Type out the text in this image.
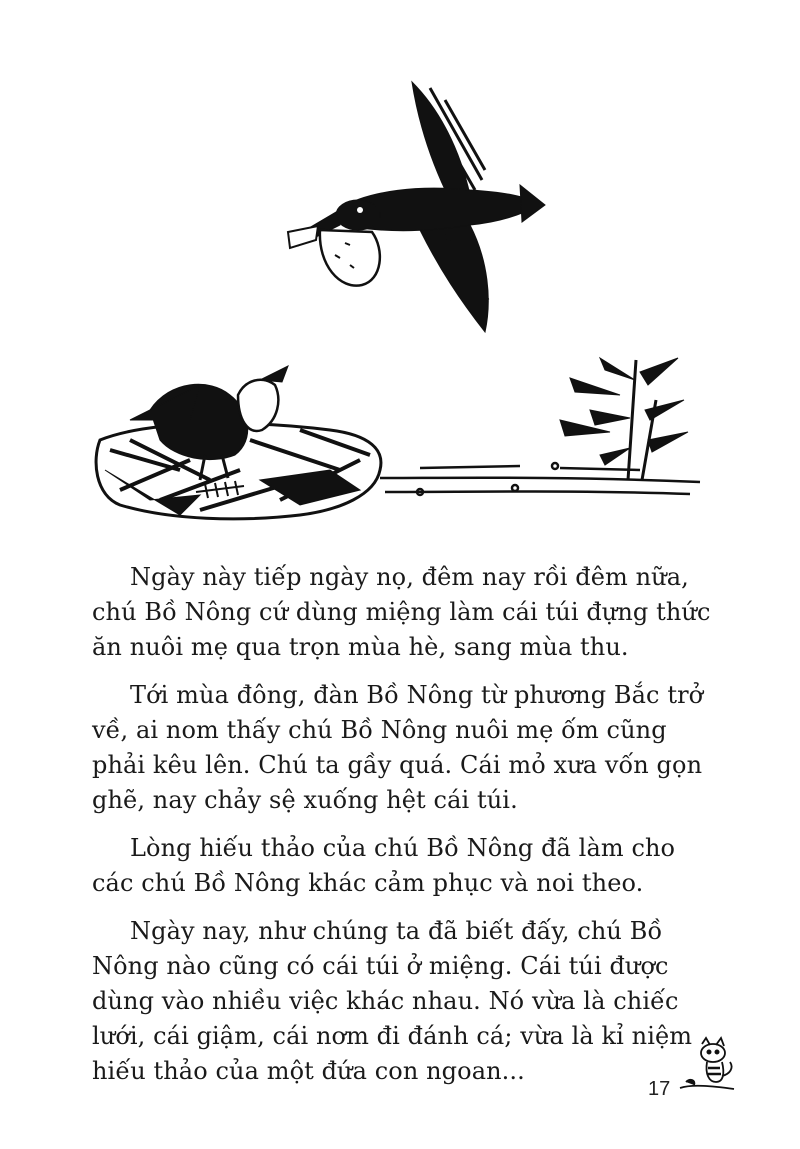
Ngày này tiếp ngày nọ, đêm nay rồi đêm nữa, chú Bồ Nông cứ dùng miệng làm cái túi đựng thức ăn nuôi mẹ qua trọn mùa hè, sang mùa thu.

Tới mùa đông, đàn Bồ Nông từ phương Bắc trở về, ai nom thấy chú Bồ Nông nuôi mẹ ốm cũng phải kêu lên. Chú ta gầy quá. Cái mỏ xưa vốn gọn ghẽ, nay chảy sệ xuống hệt cái túi.

Lòng hiếu thảo của chú Bồ Nông đã làm cho các chú Bồ Nông khác cảm phục và noi theo.

Ngày nay, như chúng ta đã biết đấy, chú Bồ Nông nào cũng có cái túi ở miệng. Cái túi được dùng vào nhiều việc khác nhau. Nó vừa là chiếc lưới, cái giậm, cái nơm đi đánh cá; vừa là kỉ niệm hiếu thảo của một đứa con ngoan...

17
